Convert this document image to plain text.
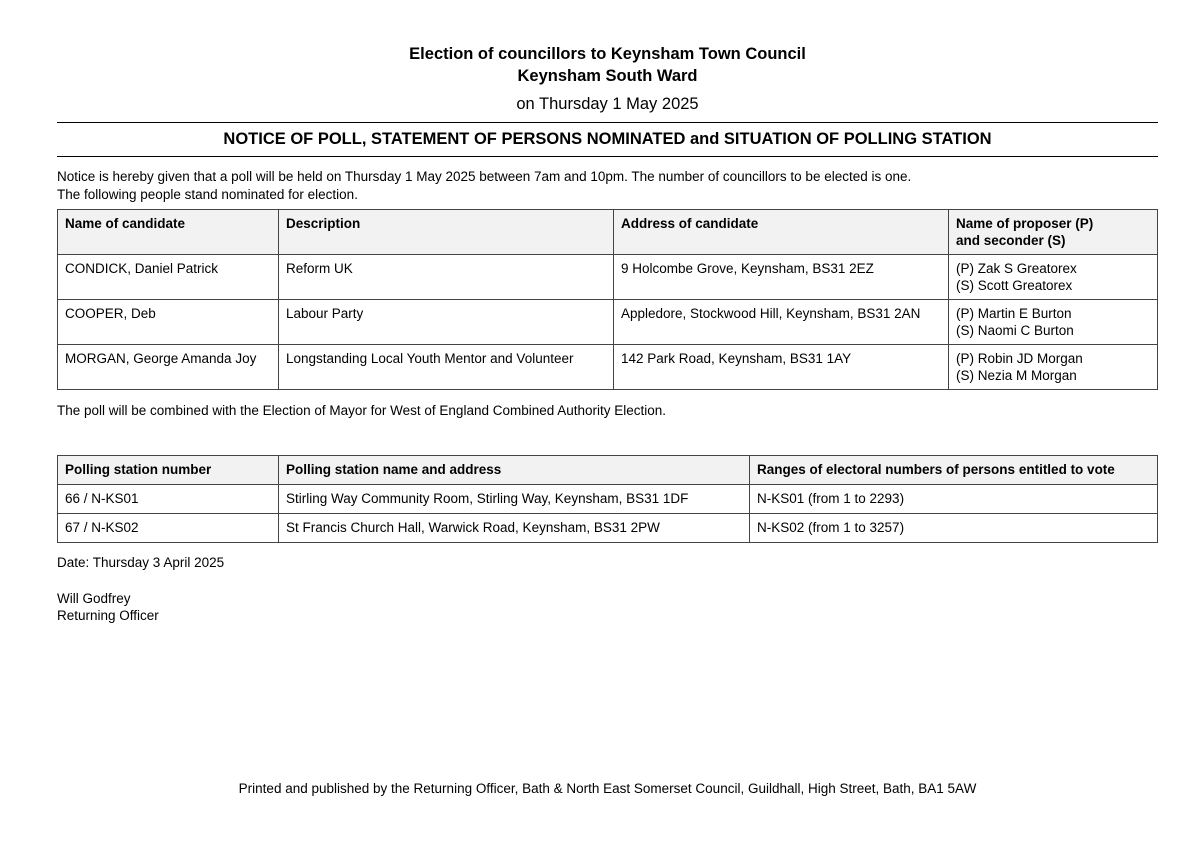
Election of councillors to Keynsham Town Council
Keynsham South Ward
on Thursday 1 May 2025
NOTICE OF POLL, STATEMENT OF PERSONS NOMINATED and SITUATION OF POLLING STATION
Notice is hereby given that a poll will be held on Thursday 1 May 2025 between 7am and 10pm. The number of councillors to be elected is one.
The following people stand nominated for election.
Name of candidate	Description	Address of candidate	Name of proposer (P)
and seconder (S)

CONDICK, Daniel Patrick	Reform UK	9 Holcombe Grove, Keynsham, BS31 2EZ	(P) Zak S Greatorex
(S) Scott Greatorex

COOPER, Deb	Labour Party	Appledore, Stockwood Hill, Keynsham, BS31 2AN	(P) Martin E Burton
(S) Naomi C Burton

MORGAN, George Amanda Joy	Longstanding Local Youth Mentor and Volunteer	142 Park Road, Keynsham, BS31 1AY	(P) Robin JD Morgan
(S) Nezia M Morgan
The poll will be combined with the Election of Mayor for West of England Combined Authority Election.
Polling station number	Polling station name and address	Ranges of electoral numbers of persons entitled to vote
66 / N-KS01	Stirling Way Community Room, Stirling Way, Keynsham, BS31 1DF	N-KS01 (from 1 to 2293)
67 / N-KS02	St Francis Church Hall, Warwick Road, Keynsham, BS31 2PW	N-KS02 (from 1 to 3257)
Date: Thursday 3 April 2025
Will Godfrey
Returning Officer
Printed and published by the Returning Officer, Bath & North East Somerset Council, Guildhall, High Street, Bath, BA1 5AW
